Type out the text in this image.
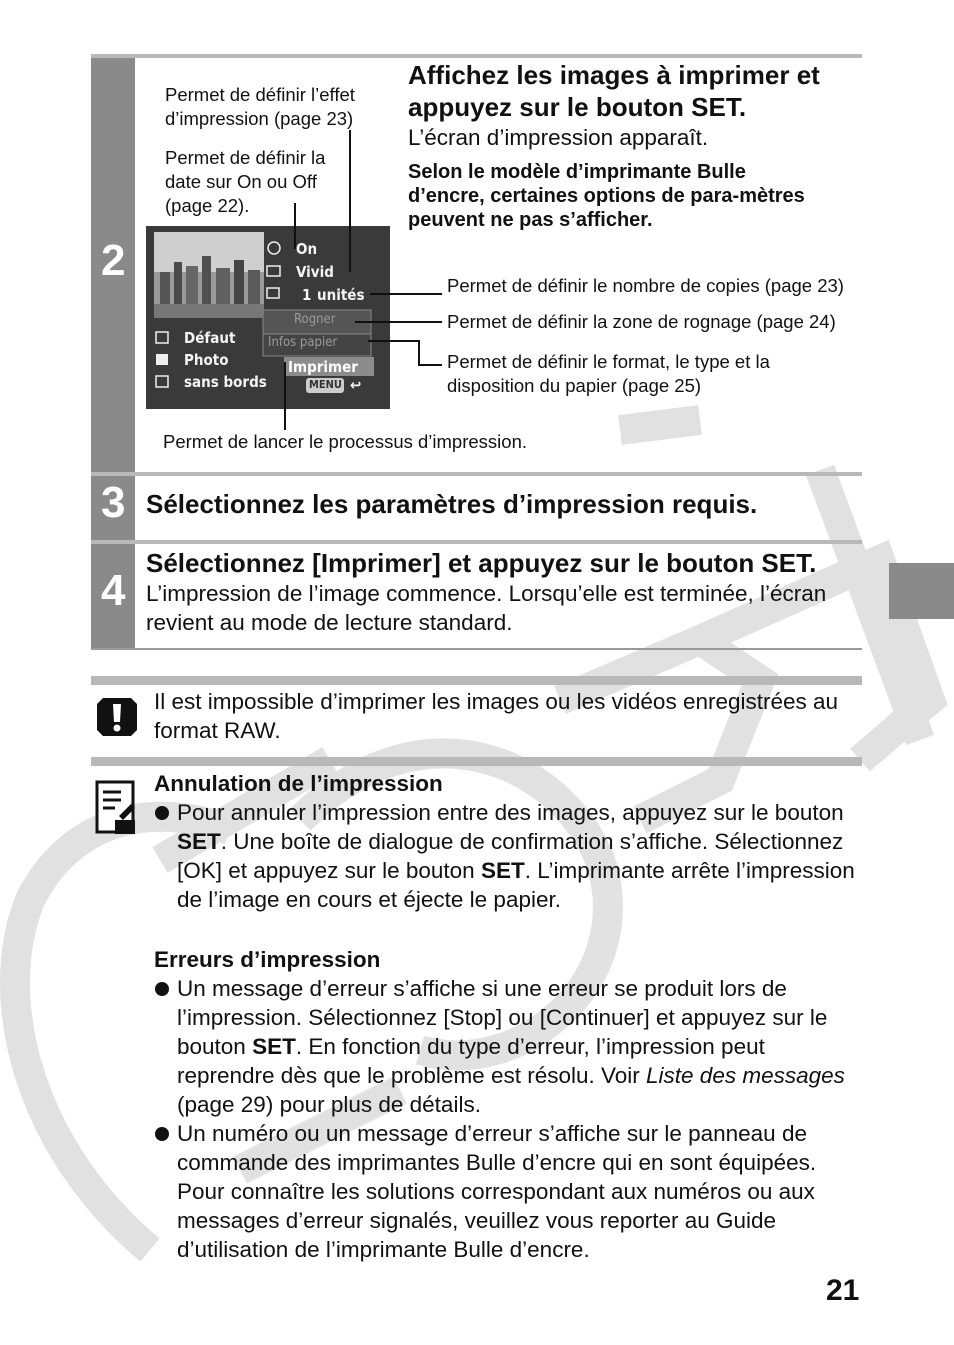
2
Affichez les images à imprimer et appuyez sur le bouton SET.
L’écran d’impression apparaît.
Selon le modèle d’imprimante Bulle d’encre, certaines options de para-mètres peuvent ne pas s’afficher.
Permet de définir l’effet d’impression (page 23)
Permet de définir la date sur On ou Off (page 22).
On
Vivid
1 unités
Rogner
Infos papier
Imprimer
Défaut
Photo
sans bords	MENU ↩
Permet de définir le nombre de copies (page 23)
Permet de définir la zone de rognage (page 24)
Permet de définir le format, le type et la disposition du papier (page 25)
Permet de lancer le processus d’impression.
3 Sélectionnez les paramètres d’impression requis.
4
Sélectionnez [Imprimer] et appuyez sur le bouton SET.
L’impression de l’image commence. Lorsqu’elle est terminée, l’écran revient au mode de lecture standard.
Il est impossible d’imprimer les images ou les vidéos enregistrées au format RAW.
Annulation de l’impression
Pour annuler l’impression entre des images, appuyez sur le bouton SET. Une boîte de dialogue de confirmation s’affiche. Sélectionnez [OK] et appuyez sur le bouton SET. L’imprimante arrête l’impression de l’image en cours et éjecte le papier.
Erreurs d’impression
Un message d’erreur s’affiche si une erreur se produit lors de l’impression. Sélectionnez [Stop] ou [Continuer] et appuyez sur le bouton SET. En fonction du type d’erreur, l’impression peut reprendre dès que le problème est résolu. Voir Liste des messages (page 29) pour plus de détails.
Un numéro ou un message d’erreur s’affiche sur le panneau de commande des imprimantes Bulle d’encre qui en sont équipées. Pour connaître les solutions correspondant aux numéros ou aux messages d’erreur signalés, veuillez vous reporter au Guide d’utilisation de l’imprimante Bulle d’encre.
21
